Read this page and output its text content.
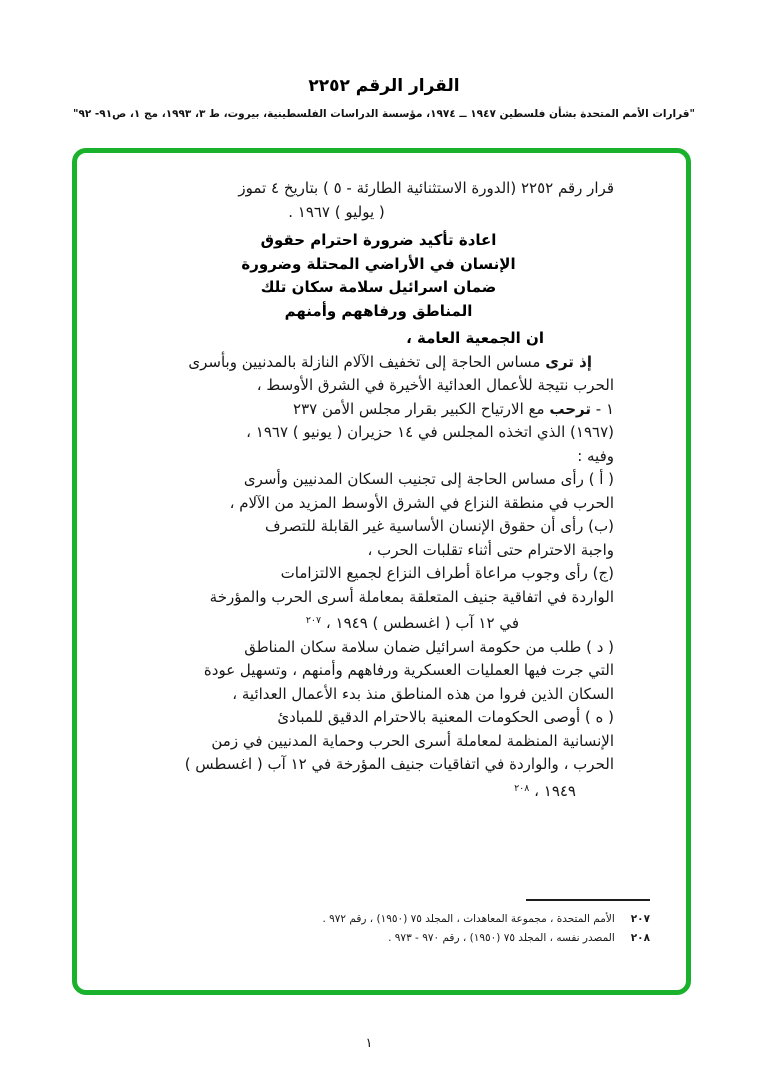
القرار الرقم ٢٢٥٢
"قرارات الأمم المتحدة بشأن فلسطين ١٩٤٧ ــ ١٩٧٤، مؤسسة الدراسات الفلسطينية، بيروت، ط ٣، ١٩٩٣، مج ١، ص٩١- ٩٢"
قرار رقم ٢٢٥٢ (الدورة الاستثنائية الطارئة - ٥ ) بتاريخ ٤ تموز
( يوليو ) ١٩٦٧ .
اعادة تأكيد ضرورة احترام حقوق
الإنسان في الأراضي المحتلة وضرورة
ضمان اسرائيل سلامة سكان تلك
المناطق ورفاههم وأمنهم
ان الجمعية العامة ،
إذ ترى مساس الحاجة إلى تخفيف الآلام النازلة بالمدنيين وبأسرى
الحرب نتيجة للأعمال العدائية الأخيرة في الشرق الأوسط ،
١ - ترحب مع الارتياح الكبير بقرار مجلس الأمن ٢٣٧
(١٩٦٧) الذي اتخذه المجلس في ١٤ حزيران ( يونيو ) ١٩٦٧ ،
وفيه :
( أ ) رأى مساس الحاجة إلى تجنيب السكان المدنيين وأسرى
الحرب في منطقة النزاع في الشرق الأوسط المزيد من الآلام ،
(ب) رأى أن حقوق الإنسان الأساسية غير القابلة للتصرف
واجبة الاحترام حتى أثناء تقلبات الحرب ،
(ج) رأى وجوب مراعاة أطراف النزاع لجميع الالتزامات
الواردة في اتفاقية جنيف المتعلقة بمعاملة أسرى الحرب والمؤرخة
في ١٢ آب ( اغسطس ) ١٩٤٩ ، $^{٢٠٧}$
( د ) طلب من حكومة اسرائيل ضمان سلامة سكان المناطق
التي جرت فيها العمليات العسكرية ورفاههم وأمنهم ، وتسهيل عودة
السكان الذين فروا من هذه المناطق منذ بدء الأعمال العدائية ،
( ه ) أوصى الحكومات المعنية بالاحترام الدقيق للمبادئ
الإنسانية المنظمة لمعاملة أسرى الحرب وحماية المدنيين في زمن
الحرب ، والواردة في اتفاقيات جنيف المؤرخة في ١٢ آب ( اغسطس )
١٩٤٩ ، $^{٢٠٨}$
٢٠٧الأمم المتحدة ، مجموعة المعاهدات ، المجلد ٧٥ (١٩٥٠) ، رقم ٩٧٢ .
٢٠٨المصدر نفسه ، المجلد ٧٥ (١٩٥٠) ، رقم ٩٧٠ - ٩٧٣ .
١
